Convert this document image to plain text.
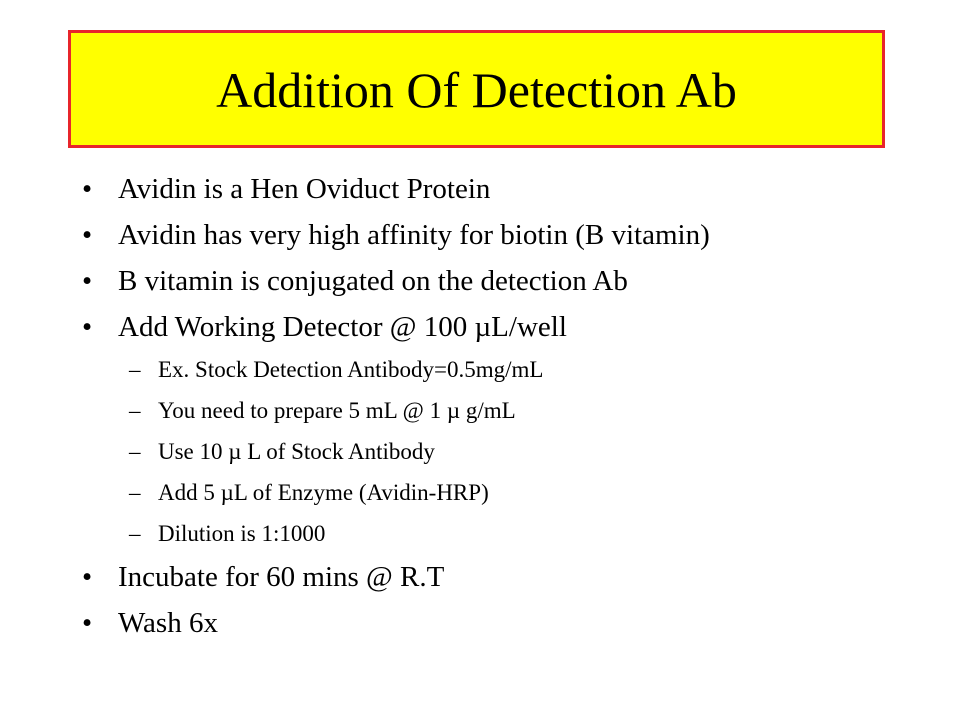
Addition Of Detection Ab
• Avidin is a Hen Oviduct Protein
• Avidin has very high affinity for biotin (B vitamin)
• B vitamin is conjugated on the detection Ab
• Add Working Detector @ 100 µL/well
– Ex. Stock Detection Antibody=0.5mg/mL
– You need to prepare 5 mL @ 1 µ g/mL
– Use 10 µ L of Stock Antibody
– Add 5 µL of Enzyme (Avidin-HRP)
– Dilution is 1:1000
• Incubate for 60 mins @ R.T
• Wash 6x
